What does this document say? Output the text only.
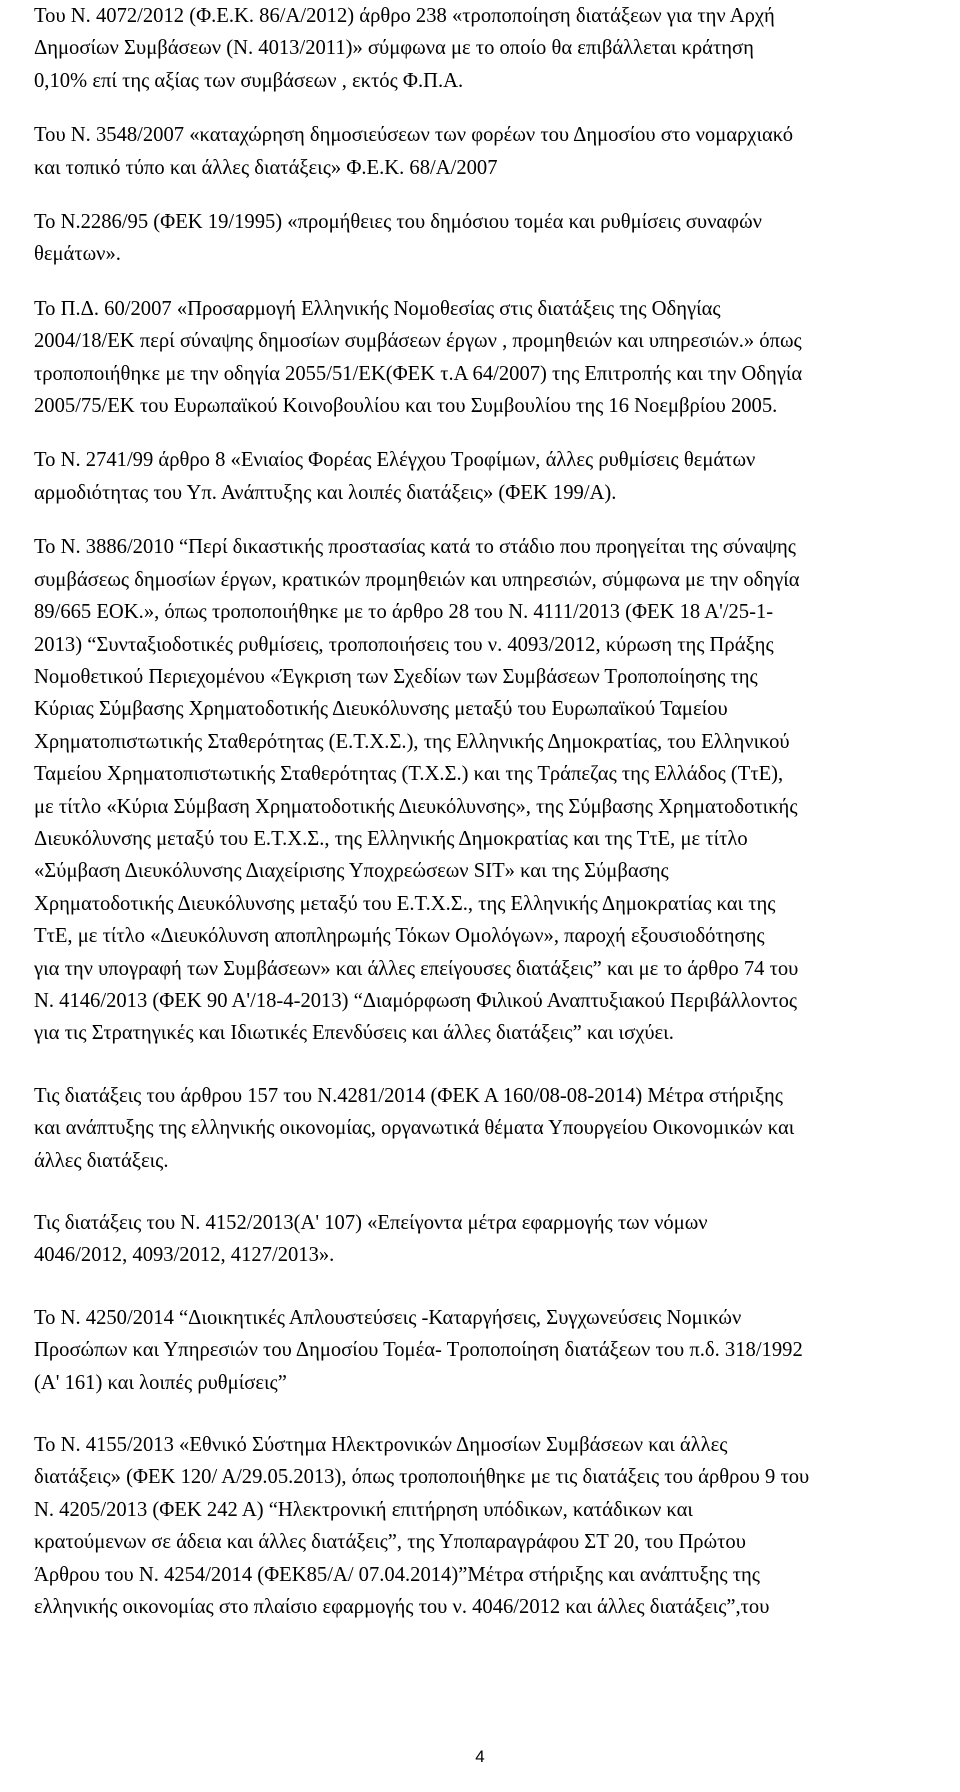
Του Ν. 4072/2012 (Φ.Ε.Κ. 86/Α/2012) άρθρο 238 «τροποποίηση διατάξεων για την Αρχή
Δημοσίων Συμβάσεων (Ν. 4013/2011)» σύμφωνα με το οποίο θα επιβάλλεται κράτηση
0,10% επί της αξίας των συμβάσεων , εκτός Φ.Π.Α.

Του Ν. 3548/2007 «καταχώρηση δημοσιεύσεων των φορέων του Δημοσίου στο νομαρχιακό
και τοπικό τύπο και άλλες διατάξεις» Φ.Ε.Κ. 68/Α/2007

Το Ν.2286/95 (ΦΕΚ 19/1995) «προμήθειες του δημόσιου τομέα και ρυθμίσεις συναφών
θεμάτων».

Το Π.Δ. 60/2007 «Προσαρμογή Ελληνικής Νομοθεσίας στις διατάξεις της Οδηγίας
2004/18/ΕΚ περί σύναψης δημοσίων συμβάσεων έργων , προμηθειών και υπηρεσιών.» όπως
τροποποιήθηκε με την οδηγία 2055/51/ΕΚ(ΦΕΚ τ.Α 64/2007) της Επιτροπής και την Οδηγία
2005/75/ΕΚ του Ευρωπαϊκού Κοινοβουλίου και του Συμβουλίου της 16 Νοεμβρίου 2005.

Το Ν. 2741/99 άρθρο 8 «Ενιαίος Φορέας Ελέγχου Τροφίμων, άλλες ρυθμίσεις θεμάτων
αρμοδιότητας του Υπ. Ανάπτυξης και λοιπές διατάξεις» (ΦΕΚ 199/Α).

Το Ν. 3886/2010 “Περί δικαστικής προστασίας κατά το στάδιο που προηγείται της σύναψης
συμβάσεως δημοσίων έργων, κρατικών προμηθειών και υπηρεσιών, σύμφωνα με την οδηγία
89/665 ΕΟΚ.», όπως τροποποιήθηκε με το άρθρο 28 του Ν. 4111/2013 (ΦΕΚ 18 Α'/25-1-
2013) “Συνταξιοδοτικές ρυθμίσεις, τροποποιήσεις του ν. 4093/2012, κύρωση της Πράξης
Νομοθετικού Περιεχομένου «Έγκριση των Σχεδίων των Συμβάσεων Τροποποίησης της
Κύριας Σύμβασης Χρηματοδοτικής Διευκόλυνσης μεταξύ του Ευρωπαϊκού Ταμείου
Χρηματοπιστωτικής Σταθερότητας (Ε.Τ.Χ.Σ.), της Ελληνικής Δημοκρατίας, του Ελληνικού
Ταμείου Χρηματοπιστωτικής Σταθερότητας (Τ.Χ.Σ.) και της Τράπεζας της Ελλάδος (ΤτΕ),
με τίτλο «Κύρια Σύμβαση Χρηματοδοτικής Διευκόλυνσης», της Σύμβασης Χρηματοδοτικής
Διευκόλυνσης μεταξύ του Ε.Τ.Χ.Σ., της Ελληνικής Δημοκρατίας και της ΤτΕ, με τίτλο
«Σύμβαση Διευκόλυνσης Διαχείρισης Υποχρεώσεων SIT» και της Σύμβασης
Χρηματοδοτικής Διευκόλυνσης μεταξύ του Ε.Τ.Χ.Σ., της Ελληνικής Δημοκρατίας και της
ΤτΕ, με τίτλο «Διευκόλυνση αποπληρωμής Τόκων Ομολόγων», παροχή εξουσιοδότησης
για την υπογραφή των Συμβάσεων» και άλλες επείγουσες διατάξεις” και με το άρθρο 74 του
Ν. 4146/2013 (ΦΕΚ 90 Α'/18-4-2013) “Διαμόρφωση Φιλικού Αναπτυξιακού Περιβάλλοντος
για τις Στρατηγικές και Ιδιωτικές Επενδύσεις και άλλες διατάξεις” και ισχύει.

Τις διατάξεις του άρθρου 157 του Ν.4281/2014 (ΦΕΚ Α 160/08-08-2014) Μέτρα στήριξης
και ανάπτυξης της ελληνικής οικονομίας, οργανωτικά θέματα Υπουργείου Οικονομικών και
άλλες διατάξεις.

Τις διατάξεις του Ν. 4152/2013(Α' 107) «Επείγοντα μέτρα εφαρμογής των νόμων
4046/2012, 4093/2012, 4127/2013».

Το Ν. 4250/2014 “Διοικητικές Απλουστεύσεις -Καταργήσεις, Συγχωνεύσεις Νομικών
Προσώπων και Υπηρεσιών του Δημοσίου Τομέα- Τροποποίηση διατάξεων του π.δ. 318/1992
(Α' 161) και λοιπές ρυθμίσεις”

Το Ν. 4155/2013 «Εθνικό Σύστημα Ηλεκτρονικών Δημοσίων Συμβάσεων και άλλες
διατάξεις» (ΦΕΚ 120/ Α/29.05.2013), όπως τροποποιήθηκε με τις διατάξεις του άρθρου 9 του
Ν. 4205/2013 (ΦΕΚ 242 Α) “Ηλεκτρονική επιτήρηση υπόδικων, κατάδικων και
κρατούμενων σε άδεια και άλλες διατάξεις”, της Υποπαραγράφου ΣΤ 20, του Πρώτου
Άρθρου του Ν. 4254/2014 (ΦΕΚ85/Α/ 07.04.2014)”Μέτρα στήριξης και ανάπτυξης της
ελληνικής οικονομίας στο πλαίσιο εφαρμογής του ν. 4046/2012 και άλλες διατάξεις”,του

4
